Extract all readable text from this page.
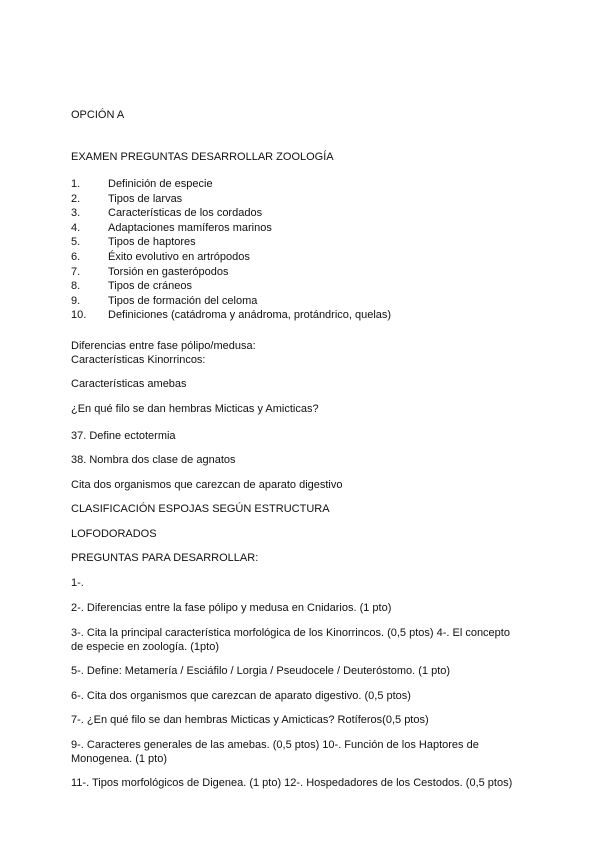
OPCIÓN A
EXAMEN PREGUNTAS DESARROLLAR ZOOLOGÍA
1.	Definición de especie
2.	Tipos de larvas
3.	Características de los cordados
4.	Adaptaciones mamíferos marinos
5.	Tipos de haptores
6.	Éxito evolutivo en artrópodos
7.	Torsión en gasterópodos
8.	Tipos de cráneos
9.	Tipos de formación del celoma
10.	Definiciones (catádroma y anádroma, protándrico, quelas)
Diferencias entre fase pólipo/medusa:
Características Kinorrincos:
Características amebas
¿En qué filo se dan hembras Micticas y Amicticas?
37. Define ectotermia
38. Nombra dos clase de agnatos
Cita dos organismos que carezcan de aparato digestivo
CLASIFICACIÓN ESPOJAS SEGÚN ESTRUCTURA
LOFODORADOS
PREGUNTAS PARA DESARROLLAR:
1-.
2-. Diferencias entre la fase pólipo y medusa en Cnidarios. (1 pto)
3-. Cita la principal característica morfológica de los Kinorrincos. (0,5 ptos) 4-. El concepto de especie en zoología. (1pto)
5-. Define: Metamería / Esciáfilo / Lorgia / Pseudocele / Deuteróstomo. (1 pto)
6-. Cita dos organismos que carezcan de aparato digestivo. (0,5 ptos)
7-. ¿En qué filo se dan hembras Micticas y Amicticas? Rotíferos(0,5 ptos)
9-. Caracteres generales de las amebas. (0,5 ptos) 10-. Función de los Haptores de Monogenea. (1 pto)
11-. Tipos morfológicos de Digenea. (1 pto) 12-. Hospedadores de los Cestodos. (0,5 ptos)
